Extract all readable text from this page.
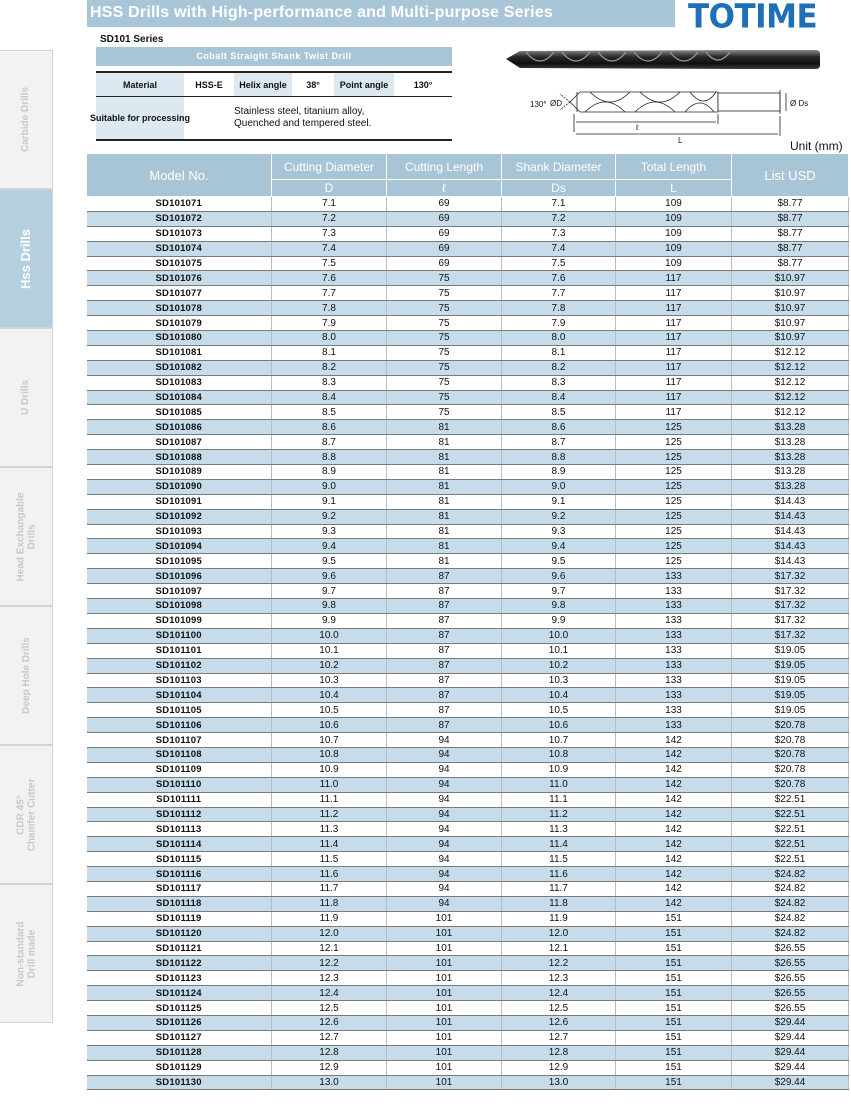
Carbide Drills
Hss Drills
U Drills
Head Exchangable
Drills
Deep Hole Drills
CDR 45°
Chamfer Cutter
Non-standard
Drill made
HSS Drills with High-performance and Multi-purpose Series	TOTIME
SD101 Series
Cobalt Straight Shank Twist Drill
Material	HSS-E	Helix angle	38°	Point angle	130°
Suitable for processing
Stainless steel, titanium alloy,
Quenched and tempered steel.
130° ØD	Ø Ds
ℓ
L	Unit (mm)
Model No.	Cutting Diameter	Cutting Length	Shank Diameter	Total Length	List USD
	D	ℓ	Ds	L	
SD101071	7.1	69	7.1	109	$8.77
SD101072	7.2	69	7.2	109	$8.77
SD101073	7.3	69	7.3	109	$8.77
SD101074	7.4	69	7.4	109	$8.77
SD101075	7.5	69	7.5	109	$8.77
SD101076	7.6	75	7.6	117	$10.97
SD101077	7.7	75	7.7	117	$10.97
SD101078	7.8	75	7.8	117	$10.97
SD101079	7.9	75	7.9	117	$10.97
SD101080	8.0	75	8.0	117	$10.97
SD101081	8.1	75	8.1	117	$12.12
SD101082	8.2	75	8.2	117	$12.12
SD101083	8.3	75	8.3	117	$12.12
SD101084	8.4	75	8.4	117	$12.12
SD101085	8.5	75	8.5	117	$12.12
SD101086	8.6	81	8.6	125	$13.28
SD101087	8.7	81	8.7	125	$13.28
SD101088	8.8	81	8.8	125	$13.28
SD101089	8.9	81	8.9	125	$13.28
SD101090	9.0	81	9.0	125	$13.28
SD101091	9.1	81	9.1	125	$14.43
SD101092	9.2	81	9.2	125	$14.43
SD101093	9.3	81	9.3	125	$14.43
SD101094	9.4	81	9.4	125	$14.43
SD101095	9.5	81	9.5	125	$14.43
SD101096	9.6	87	9.6	133	$17.32
SD101097	9.7	87	9.7	133	$17.32
SD101098	9.8	87	9.8	133	$17.32
SD101099	9.9	87	9.9	133	$17.32
SD101100	10.0	87	10.0	133	$17.32
SD101101	10.1	87	10.1	133	$19.05
SD101102	10.2	87	10.2	133	$19.05
SD101103	10.3	87	10.3	133	$19.05
SD101104	10.4	87	10.4	133	$19.05
SD101105	10.5	87	10.5	133	$19.05
SD101106	10.6	87	10.6	133	$20.78
SD101107	10.7	94	10.7	142	$20.78
SD101108	10.8	94	10.8	142	$20.78
SD101109	10.9	94	10.9	142	$20.78
SD101110	11.0	94	11.0	142	$20.78
SD101111	11.1	94	11.1	142	$22.51
SD101112	11.2	94	11.2	142	$22.51
SD101113	11.3	94	11.3	142	$22.51
SD101114	11.4	94	11.4	142	$22.51
SD101115	11.5	94	11.5	142	$22.51
SD101116	11.6	94	11.6	142	$24.82
SD101117	11.7	94	11.7	142	$24.82
SD101118	11.8	94	11.8	142	$24.82
SD101119	11.9	101	11.9	151	$24.82
SD101120	12.0	101	12.0	151	$24.82
SD101121	12.1	101	12.1	151	$26.55
SD101122	12.2	101	12.2	151	$26.55
SD101123	12.3	101	12.3	151	$26.55
SD101124	12.4	101	12.4	151	$26.55
SD101125	12.5	101	12.5	151	$26.55
SD101126	12.6	101	12.6	151	$29.44
SD101127	12.7	101	12.7	151	$29.44
SD101128	12.8	101	12.8	151	$29.44
SD101129	12.9	101	12.9	151	$29.44
SD101130	13.0	101	13.0	151	$29.44
